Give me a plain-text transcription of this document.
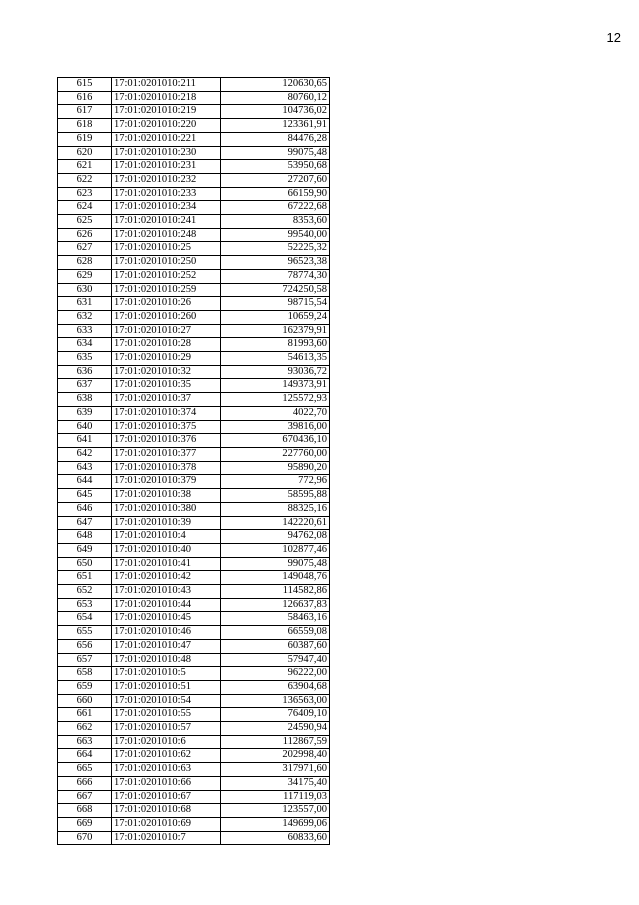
12
615	17:01:0201010:211	120630,65
616	17:01:0201010:218	80760,12
617	17:01:0201010:219	104736,02
618	17:01:0201010:220	123361,91
619	17:01:0201010:221	84476,28
620	17:01:0201010:230	99075,48
621	17:01:0201010:231	53950,68
622	17:01:0201010:232	27207,60
623	17:01:0201010:233	66159,90
624	17:01:0201010:234	67222,68
625	17:01:0201010:241	8353,60
626	17:01:0201010:248	99540,00
627	17:01:0201010:25	52225,32
628	17:01:0201010:250	96523,38
629	17:01:0201010:252	78774,30
630	17:01:0201010:259	724250,58
631	17:01:0201010:26	98715,54
632	17:01:0201010:260	10659,24
633	17:01:0201010:27	162379,91
634	17:01:0201010:28	81993,60
635	17:01:0201010:29	54613,35
636	17:01:0201010:32	93036,72
637	17:01:0201010:35	149373,91
638	17:01:0201010:37	125572,93
639	17:01:0201010:374	4022,70
640	17:01:0201010:375	39816,00
641	17:01:0201010:376	670436,10
642	17:01:0201010:377	227760,00
643	17:01:0201010:378	95890,20
644	17:01:0201010:379	772,96
645	17:01:0201010:38	58595,88
646	17:01:0201010:380	88325,16
647	17:01:0201010:39	142220,61
648	17:01:0201010:4	94762,08
649	17:01:0201010:40	102877,46
650	17:01:0201010:41	99075,48
651	17:01:0201010:42	149048,76
652	17:01:0201010:43	114582,86
653	17:01:0201010:44	126637,83
654	17:01:0201010:45	58463,16
655	17:01:0201010:46	66559,08
656	17:01:0201010:47	60387,60
657	17:01:0201010:48	57947,40
658	17:01:0201010:5	96222,00
659	17:01:0201010:51	63904,68
660	17:01:0201010:54	136563,00
661	17:01:0201010:55	76409,10
662	17:01:0201010:57	24590,94
663	17:01:0201010:6	112867,59
664	17:01:0201010:62	202998,40
665	17:01:0201010:63	317971,60
666	17:01:0201010:66	34175,40
667	17:01:0201010:67	117119,03
668	17:01:0201010:68	123557,00
669	17:01:0201010:69	149699,06
670	17:01:0201010:7	60833,60
